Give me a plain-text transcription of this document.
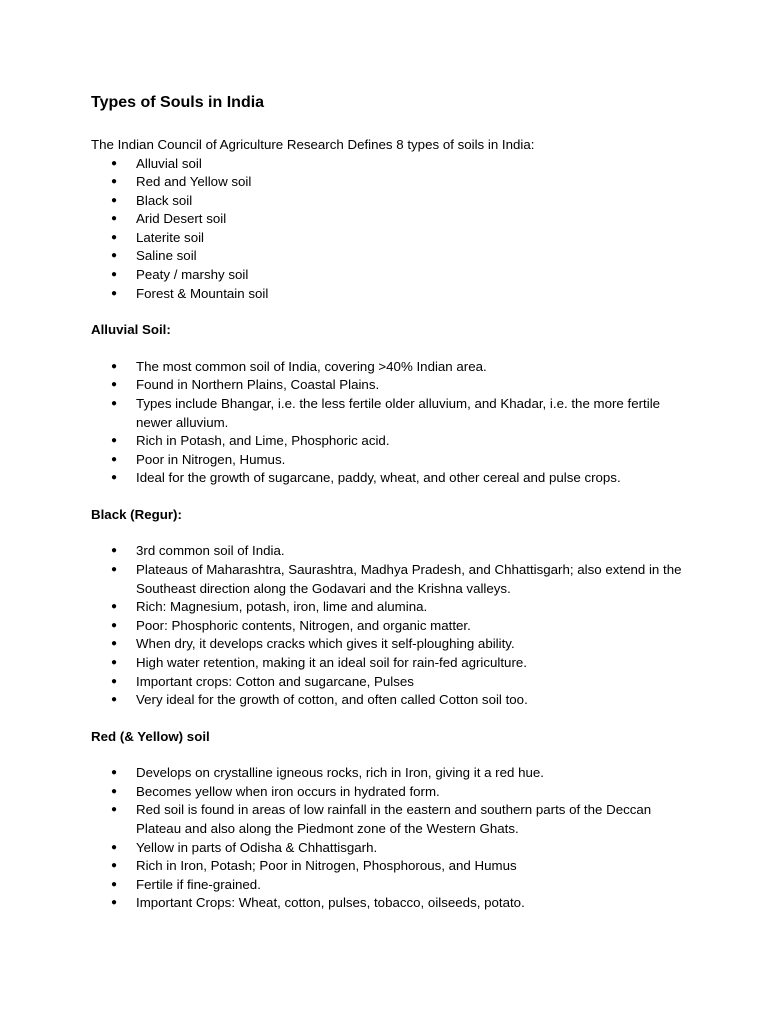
Types of Souls in India

The Indian Council of Agriculture Research Defines 8 types of soils in India:

● Alluvial soil
● Red and Yellow soil
● Black soil
● Arid Desert soil
● Laterite soil
● Saline soil
● Peaty / marshy soil
● Forest & Mountain soil

Alluvial Soil:

● The most common soil of India, covering >40% Indian area.
● Found in Northern Plains, Coastal Plains.
● Types include Bhangar, i.e. the less fertile older alluvium, and Khadar, i.e. the more fertile newer alluvium.
● Rich in Potash, and Lime, Phosphoric acid.
● Poor in Nitrogen, Humus.
● Ideal for the growth of sugarcane, paddy, wheat, and other cereal and pulse crops.

Black (Regur):

● 3rd common soil of India.
● Plateaus of Maharashtra, Saurashtra, Madhya Pradesh, and Chhattisgarh; also extend in the Southeast direction along the Godavari and the Krishna valleys.
● Rich: Magnesium, potash, iron, lime and alumina.
● Poor: Phosphoric contents, Nitrogen, and organic matter.
● When dry, it develops cracks which gives it self-ploughing ability.
● High water retention, making it an ideal soil for rain-fed agriculture.
● Important crops: Cotton and sugarcane, Pulses
● Very ideal for the growth of cotton, and often called Cotton soil too.

Red (& Yellow) soil

● Develops on crystalline igneous rocks, rich in Iron, giving it a red hue.
● Becomes yellow when iron occurs in hydrated form.
● Red soil is found in areas of low rainfall in the eastern and southern parts of the Deccan Plateau and also along the Piedmont zone of the Western Ghats.
● Yellow in parts of Odisha & Chhattisgarh.
● Rich in Iron, Potash; Poor in Nitrogen, Phosphorous, and Humus
● Fertile if fine-grained.
● Important Crops: Wheat, cotton, pulses, tobacco, oilseeds, potato.
